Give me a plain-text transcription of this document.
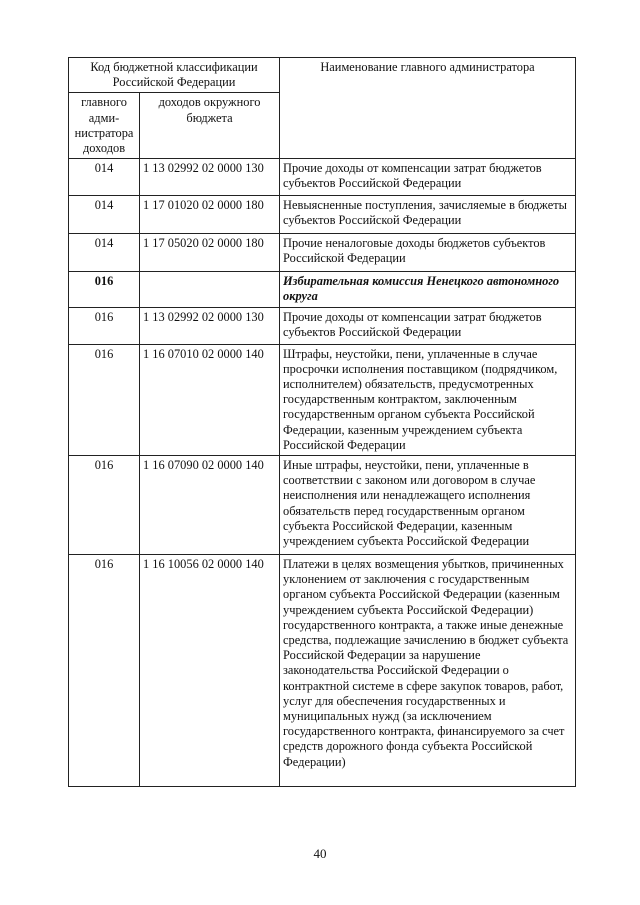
Код бюджетной классификации Российской Федерации		Наименование главного администратора
главного адми-нистратора доходов	доходов окружного бюджета	
014	1 13 02992 02 0000 130	Прочие доходы от компенсации затрат бюджетов субъектов Российской Федерации
014	1 17 01020 02 0000 180	Невыясненные поступления, зачисляемые в бюджеты субъектов Российской Федерации
014	1 17 05020 02 0000 180	Прочие неналоговые доходы бюджетов субъектов Российской Федерации
016		Избирательная комиссия Ненецкого автономного округа
016	1 13 02992 02 0000 130	Прочие доходы от компенсации затрат бюджетов субъектов Российской Федерации
016	1 16 07010 02 0000 140	Штрафы, неустойки, пени, уплаченные в случае просрочки исполнения поставщиком (подрядчиком, исполнителем) обязательств, предусмотренных государственным контрактом, заключенным государственным органом субъекта Российской Федерации, казенным учреждением субъекта Российской Федерации
016	1 16 07090 02 0000 140	Иные штрафы, неустойки, пени, уплаченные в соответствии с законом или договором в случае неисполнения или ненадлежащего исполнения обязательств перед государственным органом субъекта Российской Федерации, казенным учреждением субъекта Российской Федерации
016	1 16 10056 02 0000 140	Платежи в целях возмещения убытков, причиненных уклонением от заключения с государственным органом субъекта Российской Федерации (казенным учреждением субъекта Российской Федерации) государственного контракта, а также иные денежные средства, подлежащие зачислению в бюджет субъекта Российской Федерации за нарушение законодательства Российской Федерации о контрактной системе в сфере закупок товаров, работ, услуг для обеспечения государственных и муниципальных нужд (за исключением государственного контракта, финансируемого за счет средств дорожного фонда субъекта Российской Федерации)
40
